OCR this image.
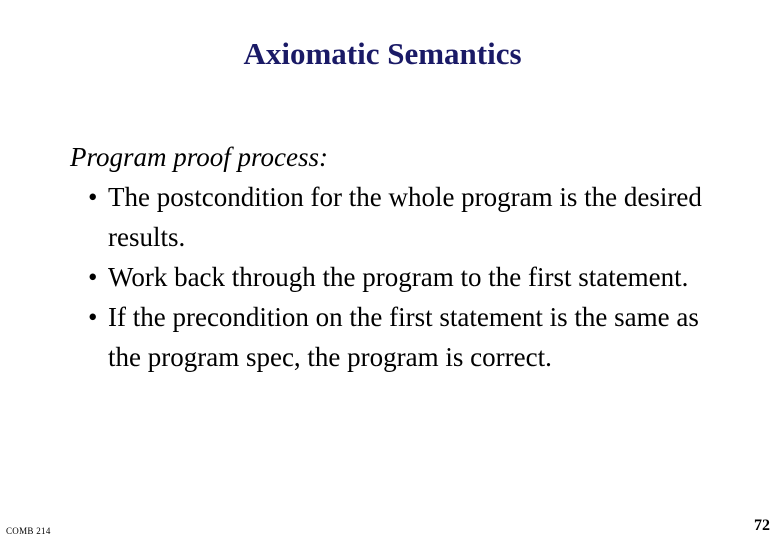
Axiomatic Semantics
Program proof process:
• The postcondition for the whole program is the desired results.
• Work back through the program to the first statement.
• If the precondition on the first statement is the same as the program spec, the program is correct.
COMB 214	72
